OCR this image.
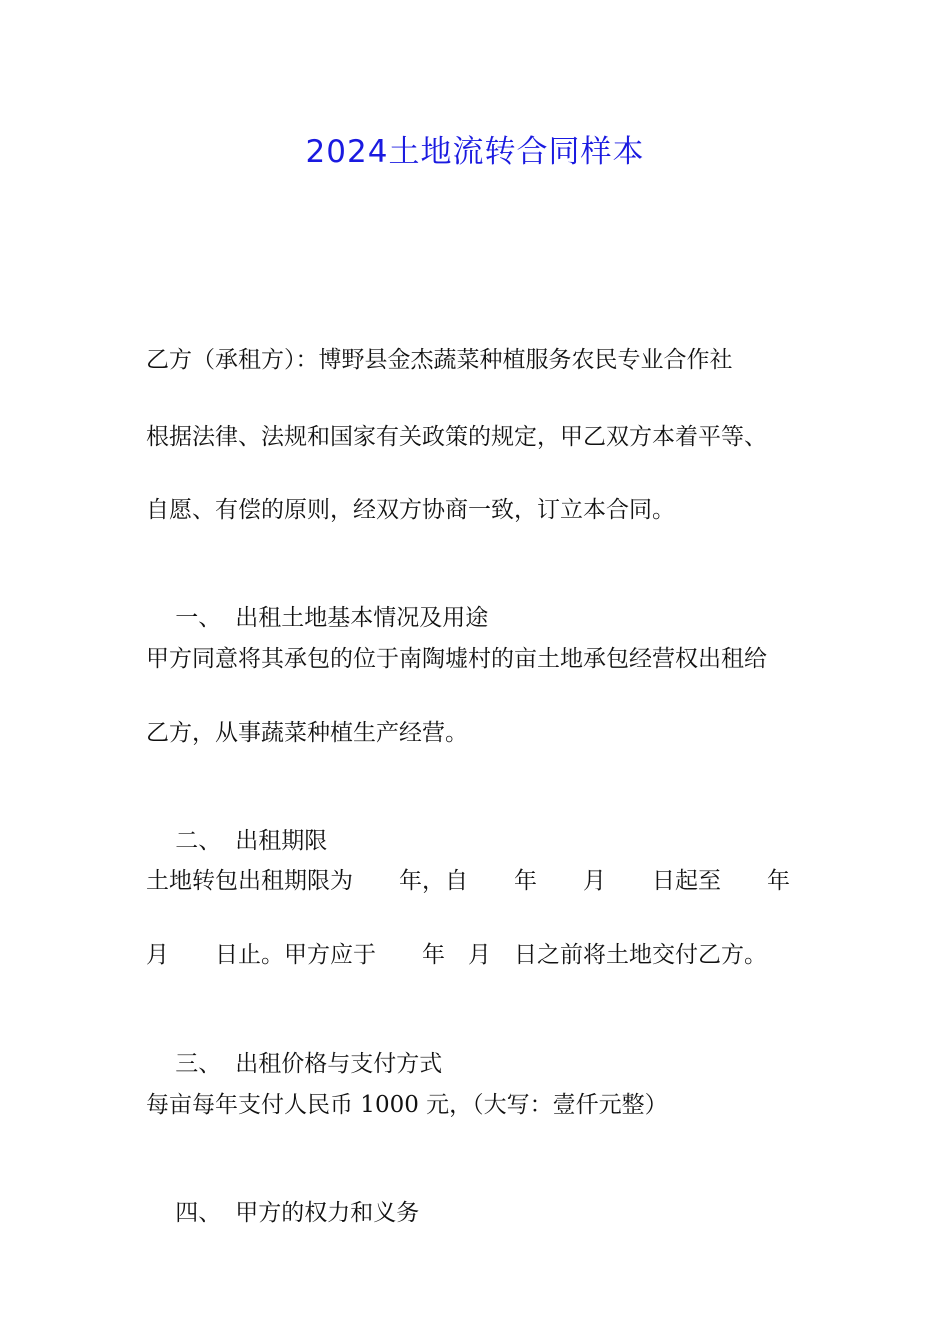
2024土地流转合同样本
乙方（承租方）：博野县金杰蔬菜种植服务农民专业合作社
根据法律、法规和国家有关政策的规定，甲乙双方本着平等、
自愿、有偿的原则，经双方协商一致，订立本合同。

一、 出租土地基本情况及用途

甲方同意将其承包的位于南陶墟村的亩土地承包经营权出租给
乙方，从事蔬菜种植生产经营。

二、 出租期限

土地转包出租期限为　　年，自　　年　　月　　日起至　　年
月　　日止。甲方应于　　年　月　日之前将土地交付乙方。

三、 出租价格与支付方式

每亩每年支付人民币 1000 元，（大写：壹仟元整）

四、 甲方的权力和义务
